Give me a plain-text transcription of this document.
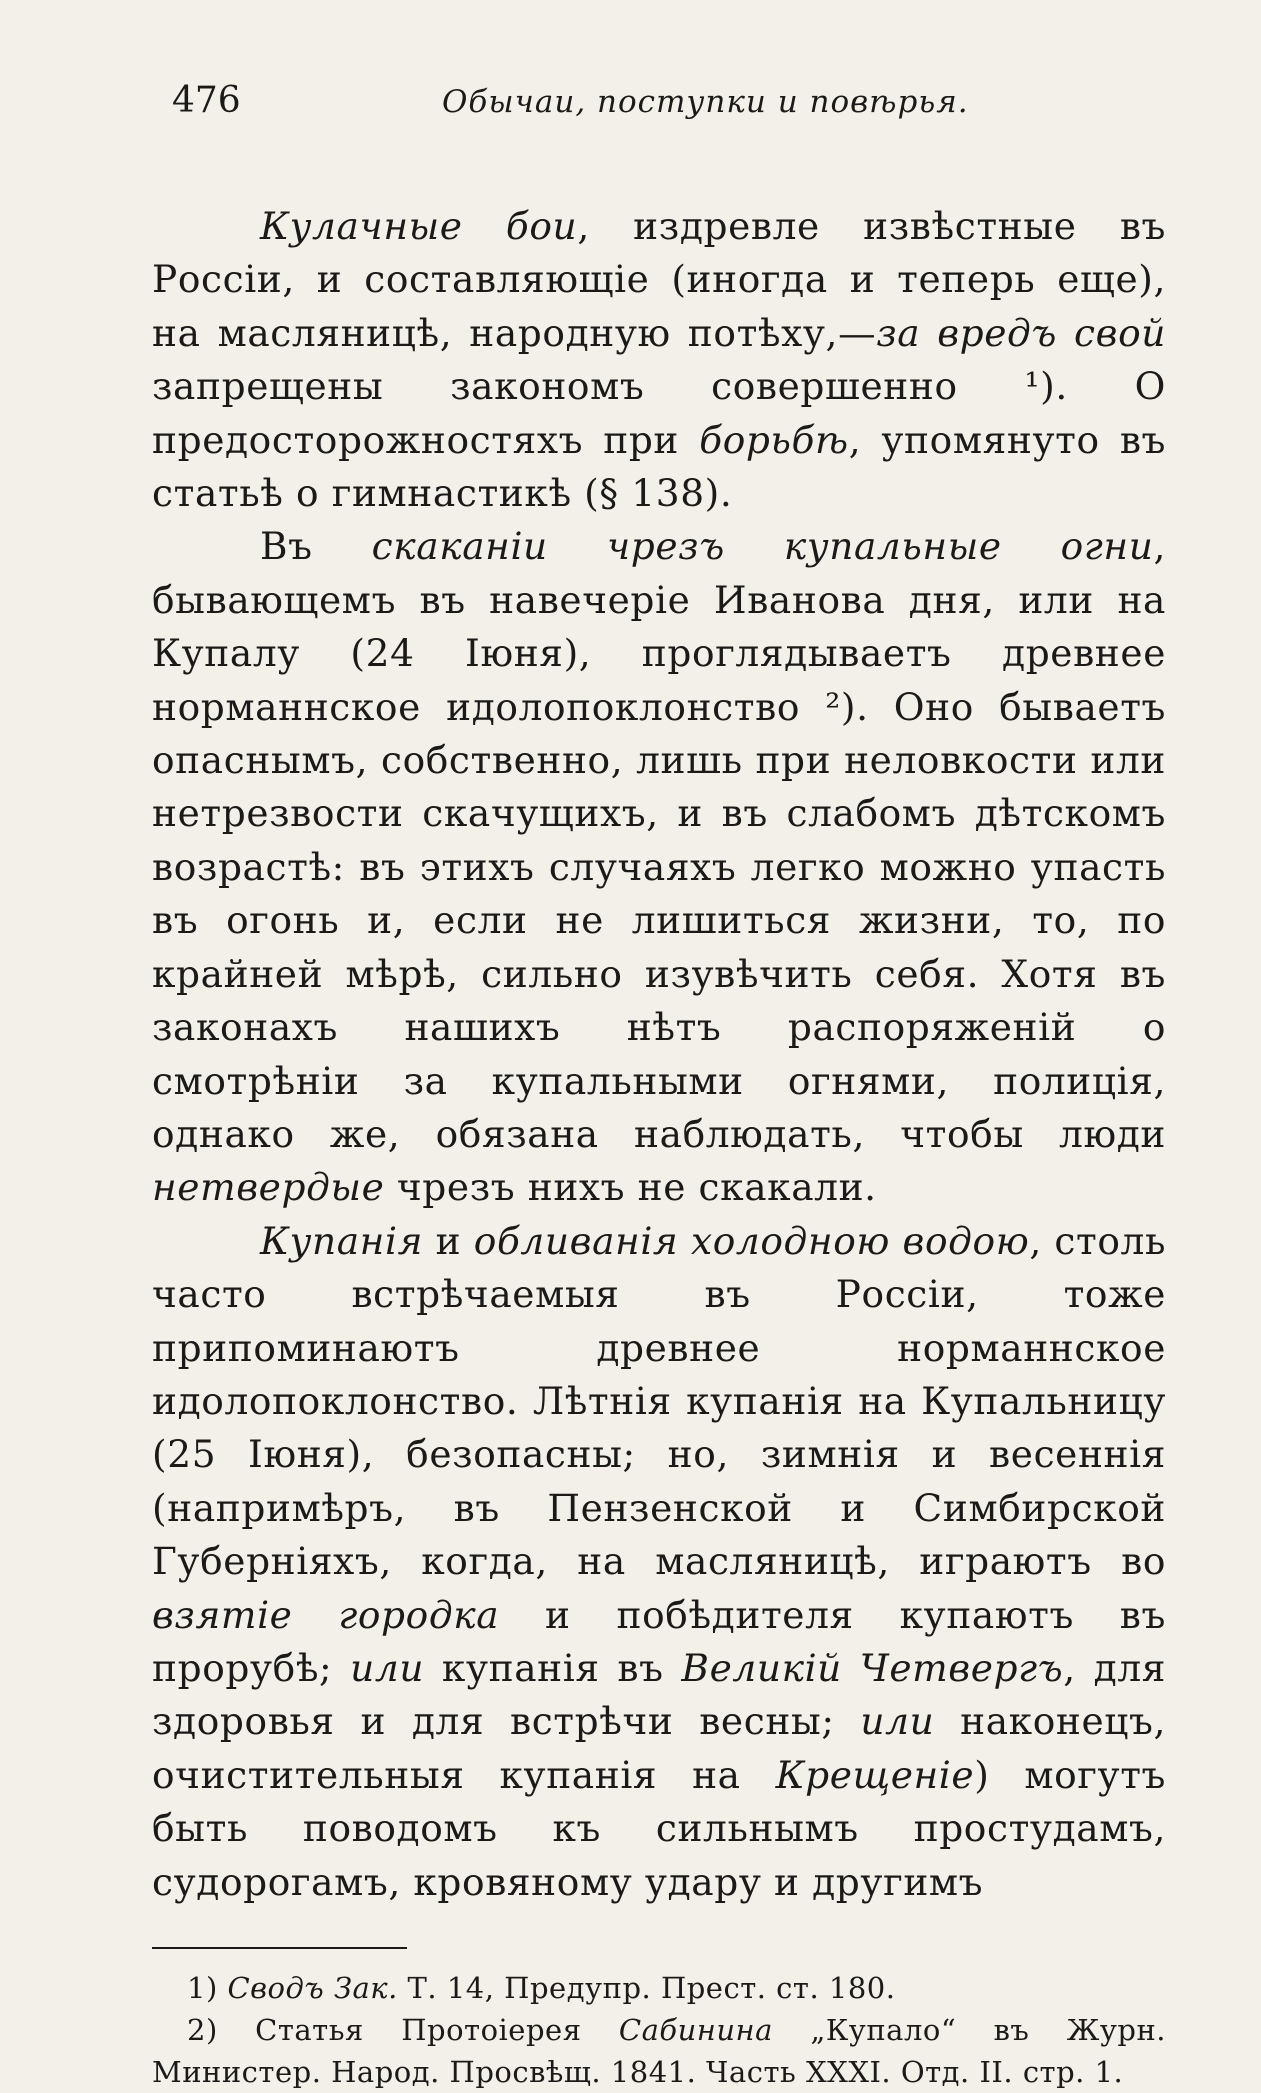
476	Обычаи, поступки и повѣрья.

Кулачные бои, издревле извѣстные въ Россіи, и составляющіе (иногда и теперь еще), на масляницѣ, народную потѣху,—за вредъ свой запрещены закономъ совершенно ¹). О предосторожностяхъ при борьбѣ, упомянуто въ статьѣ о гимнастикѣ (§ 138).

Въ скаканіи чрезъ купальные огни, бывающемъ въ навечеріе Иванова дня, или на Купалу (24 Іюня), проглядываетъ древнее норманнское идолопоклонство ²). Оно бываетъ опаснымъ, собственно, лишь при неловкости или нетрезвости скачущихъ, и въ слабомъ дѣтскомъ возрастѣ: въ этихъ случаяхъ легко можно упасть въ огонь и, если не лишиться жизни, то, по крайней мѣрѣ, сильно изувѣчить себя. Хотя въ законахъ нашихъ нѣтъ распоряженій о смотрѣніи за купальными огнями, полиція, однако же, обязана наблюдать, чтобы люди нетвердые чрезъ нихъ не скакали.

Купанія и обливанія холодною водою, столь часто встрѣчаемыя въ Россіи, тоже припоминаютъ древнее норманнское идолопоклонство. Лѣтнія купанія на Купальницу (25 Іюня), безопасны; но, зимнія и весеннія (напримѣръ, въ Пензенской и Симбирской Губерніяхъ, когда, на масляницѣ, играютъ во взятіе городка и побѣдителя купаютъ въ прорубѣ; или купанія въ Великій Четвергъ, для здоровья и для встрѣчи весны; или наконецъ, очистительныя купанія на Крещеніе) могутъ быть поводомъ къ сильнымъ простудамъ, судорогамъ, кровяному удару и другимъ

1) Сводъ Зак. Т. 14, Предупр. Прест. ст. 180.

2) Статья Протоіерея Сабинина „Купало“ въ Журн. Министер. Народ. Просвѣщ. 1841. Часть XXXI. Отд. II. стр. 1.
